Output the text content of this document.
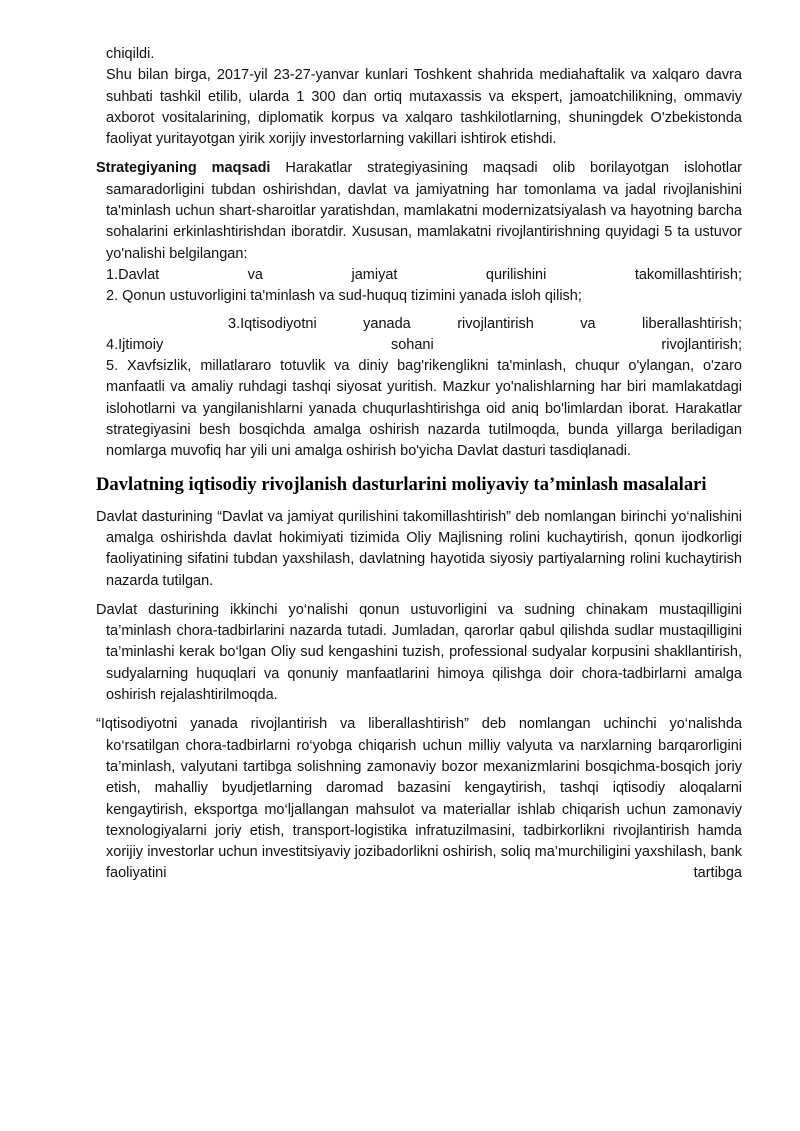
chiqildi.

Shu bilan birga, 2017-yil 23-27-yanvar kunlari Toshkent shahrida mediahaftalik va xalqaro davra suhbati tashkil etilib, ularda 1 300 dan ortiq mutaxassis va ekspert, jamoatchilikning, ommaviy axborot vositalarining, diplomatik korpus va xalqaro tashkilotlarning, shuningdek O'zbekistonda faoliyat yuritayotgan yirik xorijiy investorlarning vakillari ishtirok etishdi.

Strategiyaning maqsadi Harakatlar strategiyasining maqsadi olib borilayotgan islohotlar samaradorligini tubdan oshirishdan, davlat va jamiyatning har tomonlama va jadal rivojlanishini ta'minlash uchun shart-sharoitlar yaratishdan, mamlakatni modernizatsiyalash va hayotning barcha sohalarini erkinlashtirishdan iboratdir. Xususan, mamlakatni rivojlantirishning quyidagi 5 ta ustuvor yo'nalishi belgilangan:

1.Davlat va jamiyat qurilishini takomillashtirish;

2. Qonun ustuvorligini ta'minlash va sud-huquq tizimini yanada isloh qilish;

3.Iqtisodiyotni yanada rivojlantirish va liberallashtirish;

4.Ijtimoiy sohani rivojlantirish;

5. Xavfsizlik, millatlararo totuvlik va diniy bag'rikenglikni ta'minlash, chuqur o'ylangan, o'zaro manfaatli va amaliy ruhdagi tashqi siyosat yuritish. Mazkur yo'nalishlarning har biri mamlakatdagi islohotlarni va yangilanishlarni yanada chuqurlashtirishga oid aniq bo'limlardan iborat. Harakatlar strategiyasini besh bosqichda amalga oshirish nazarda tutilmoqda, bunda yillarga beriladigan nomlarga muvofiq har yili uni amalga oshirish bo'yicha Davlat dasturi tasdiqlanadi.

Davlatning iqtisodiy rivojlanish dasturlarini moliyaviy ta’minlash masalalari

Davlat dasturining “Davlat va jamiyat qurilishini takomillashtirish” deb nomlangan birinchi yo‘nalishini amalga oshirishda davlat hokimiyati tizimida Oliy Majlisning rolini kuchaytirish, qonun ijodkorligi faoliyatining sifatini tubdan yaxshilash, davlatning hayotida siyosiy partiyalarning rolini kuchaytirish nazarda tutilgan.

Davlat dasturining ikkinchi yo‘nalishi qonun ustuvorligini va sudning chinakam mustaqilligini ta’minlash chora-tadbirlarini nazarda tutadi. Jumladan, qarorlar qabul qilishda sudlar mustaqilligini ta’minlashi kerak bo‘lgan Oliy sud kengashini tuzish, professional sudyalar korpusini shakllantirish, sudyalarning huquqlari va qonuniy manfaatlarini himoya qilishga doir chora-tadbirlarni amalga oshirish rejalashtirilmoqda.

“Iqtisodiyotni yanada rivojlantirish va liberallashtirish” deb nomlangan uchinchi yo‘nalishda ko‘rsatilgan chora-tadbirlarni ro‘yobga chiqarish uchun milliy valyuta va narxlarning barqarorligini ta’minlash, valyutani tartibga solishning zamonaviy bozor mexanizmlarini bosqichma-bosqich joriy etish, mahalliy byudjetlarning daromad bazasini kengaytirish, tashqi iqtisodiy aloqalarni kengaytirish, eksportga mo‘ljallangan mahsulot va materiallar ishlab chiqarish uchun zamonaviy texnologiyalarni joriy etish, transport-logistika infratuzilmasini, tadbirkorlikni rivojlantirish hamda xorijiy investorlar uchun investitsiyaviy jozibadorlikni oshirish, soliq ma’murchiligini yaxshilash, bank faoliyatini tartibga
